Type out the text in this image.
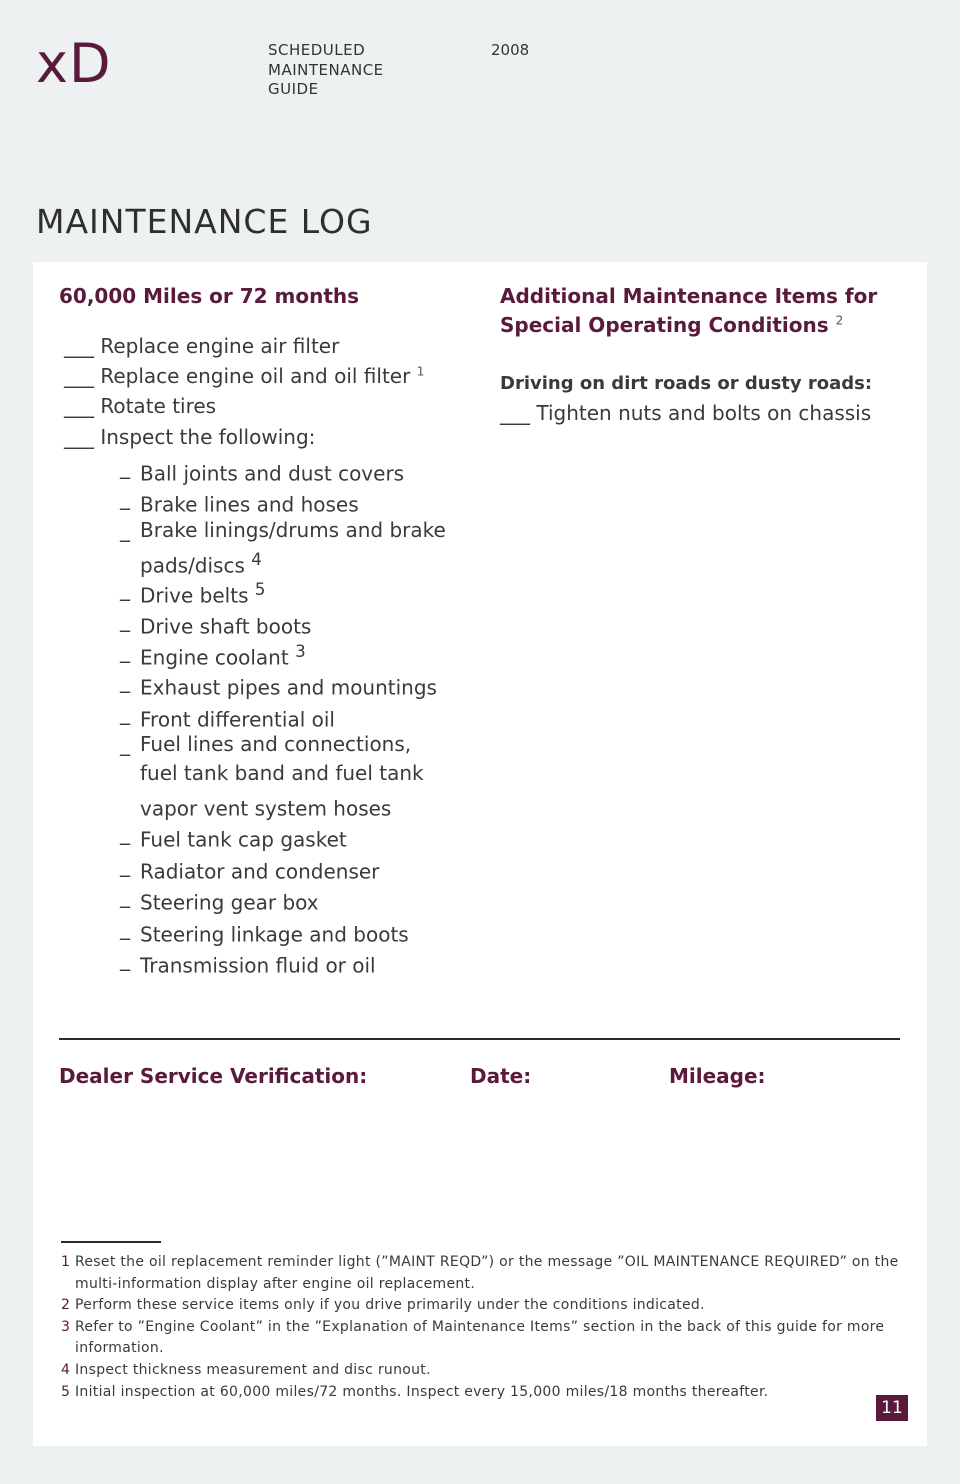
xD	SCHEDULED
MAINTENANCE
GUIDE
2008
MAINTENANCE LOG
60,000 Miles or 72 months
___ Replace engine air filter
___ Replace engine oil and oil filter $^1$
___ Rotate tires
___ Inspect the following:
_ Ball joints and dust covers
_ Brake lines and hoses
_ Brake linings/drums and brake pads/discs $^4$
_ Drive belts $^5$
_ Drive shaft boots
_ Engine coolant $^3$
_ Exhaust pipes and mountings
_ Front differential oil
_ Fuel lines and connections, fuel tank band and fuel tank vapor vent system hoses
_ Fuel tank cap gasket
_ Radiator and condenser
_ Steering gear box
_ Steering linkage and boots
_ Transmission fluid or oil
Additional Maintenance Items for
Special Operating Conditions $^2$
Driving on dirt roads or dusty roads:
___ Tighten nuts and bolts on chassis
Dealer Service Verification:	Date:	Mileage:
1 Reset the oil replacement reminder light (”MAINT REQD”) or the message ”OIL MAINTENANCE REQUIRED” on the multi-information display after engine oil replacement.
2 Perform these service items only if you drive primarily under the conditions indicated.
3 Refer to ”Engine Coolant” in the ”Explanation of Maintenance Items” section in the back of this guide for more information.
4 Inspect thickness measurement and disc runout.
5 Initial inspection at 60,000 miles/72 months. Inspect every 15,000 miles/18 months thereafter.
11
